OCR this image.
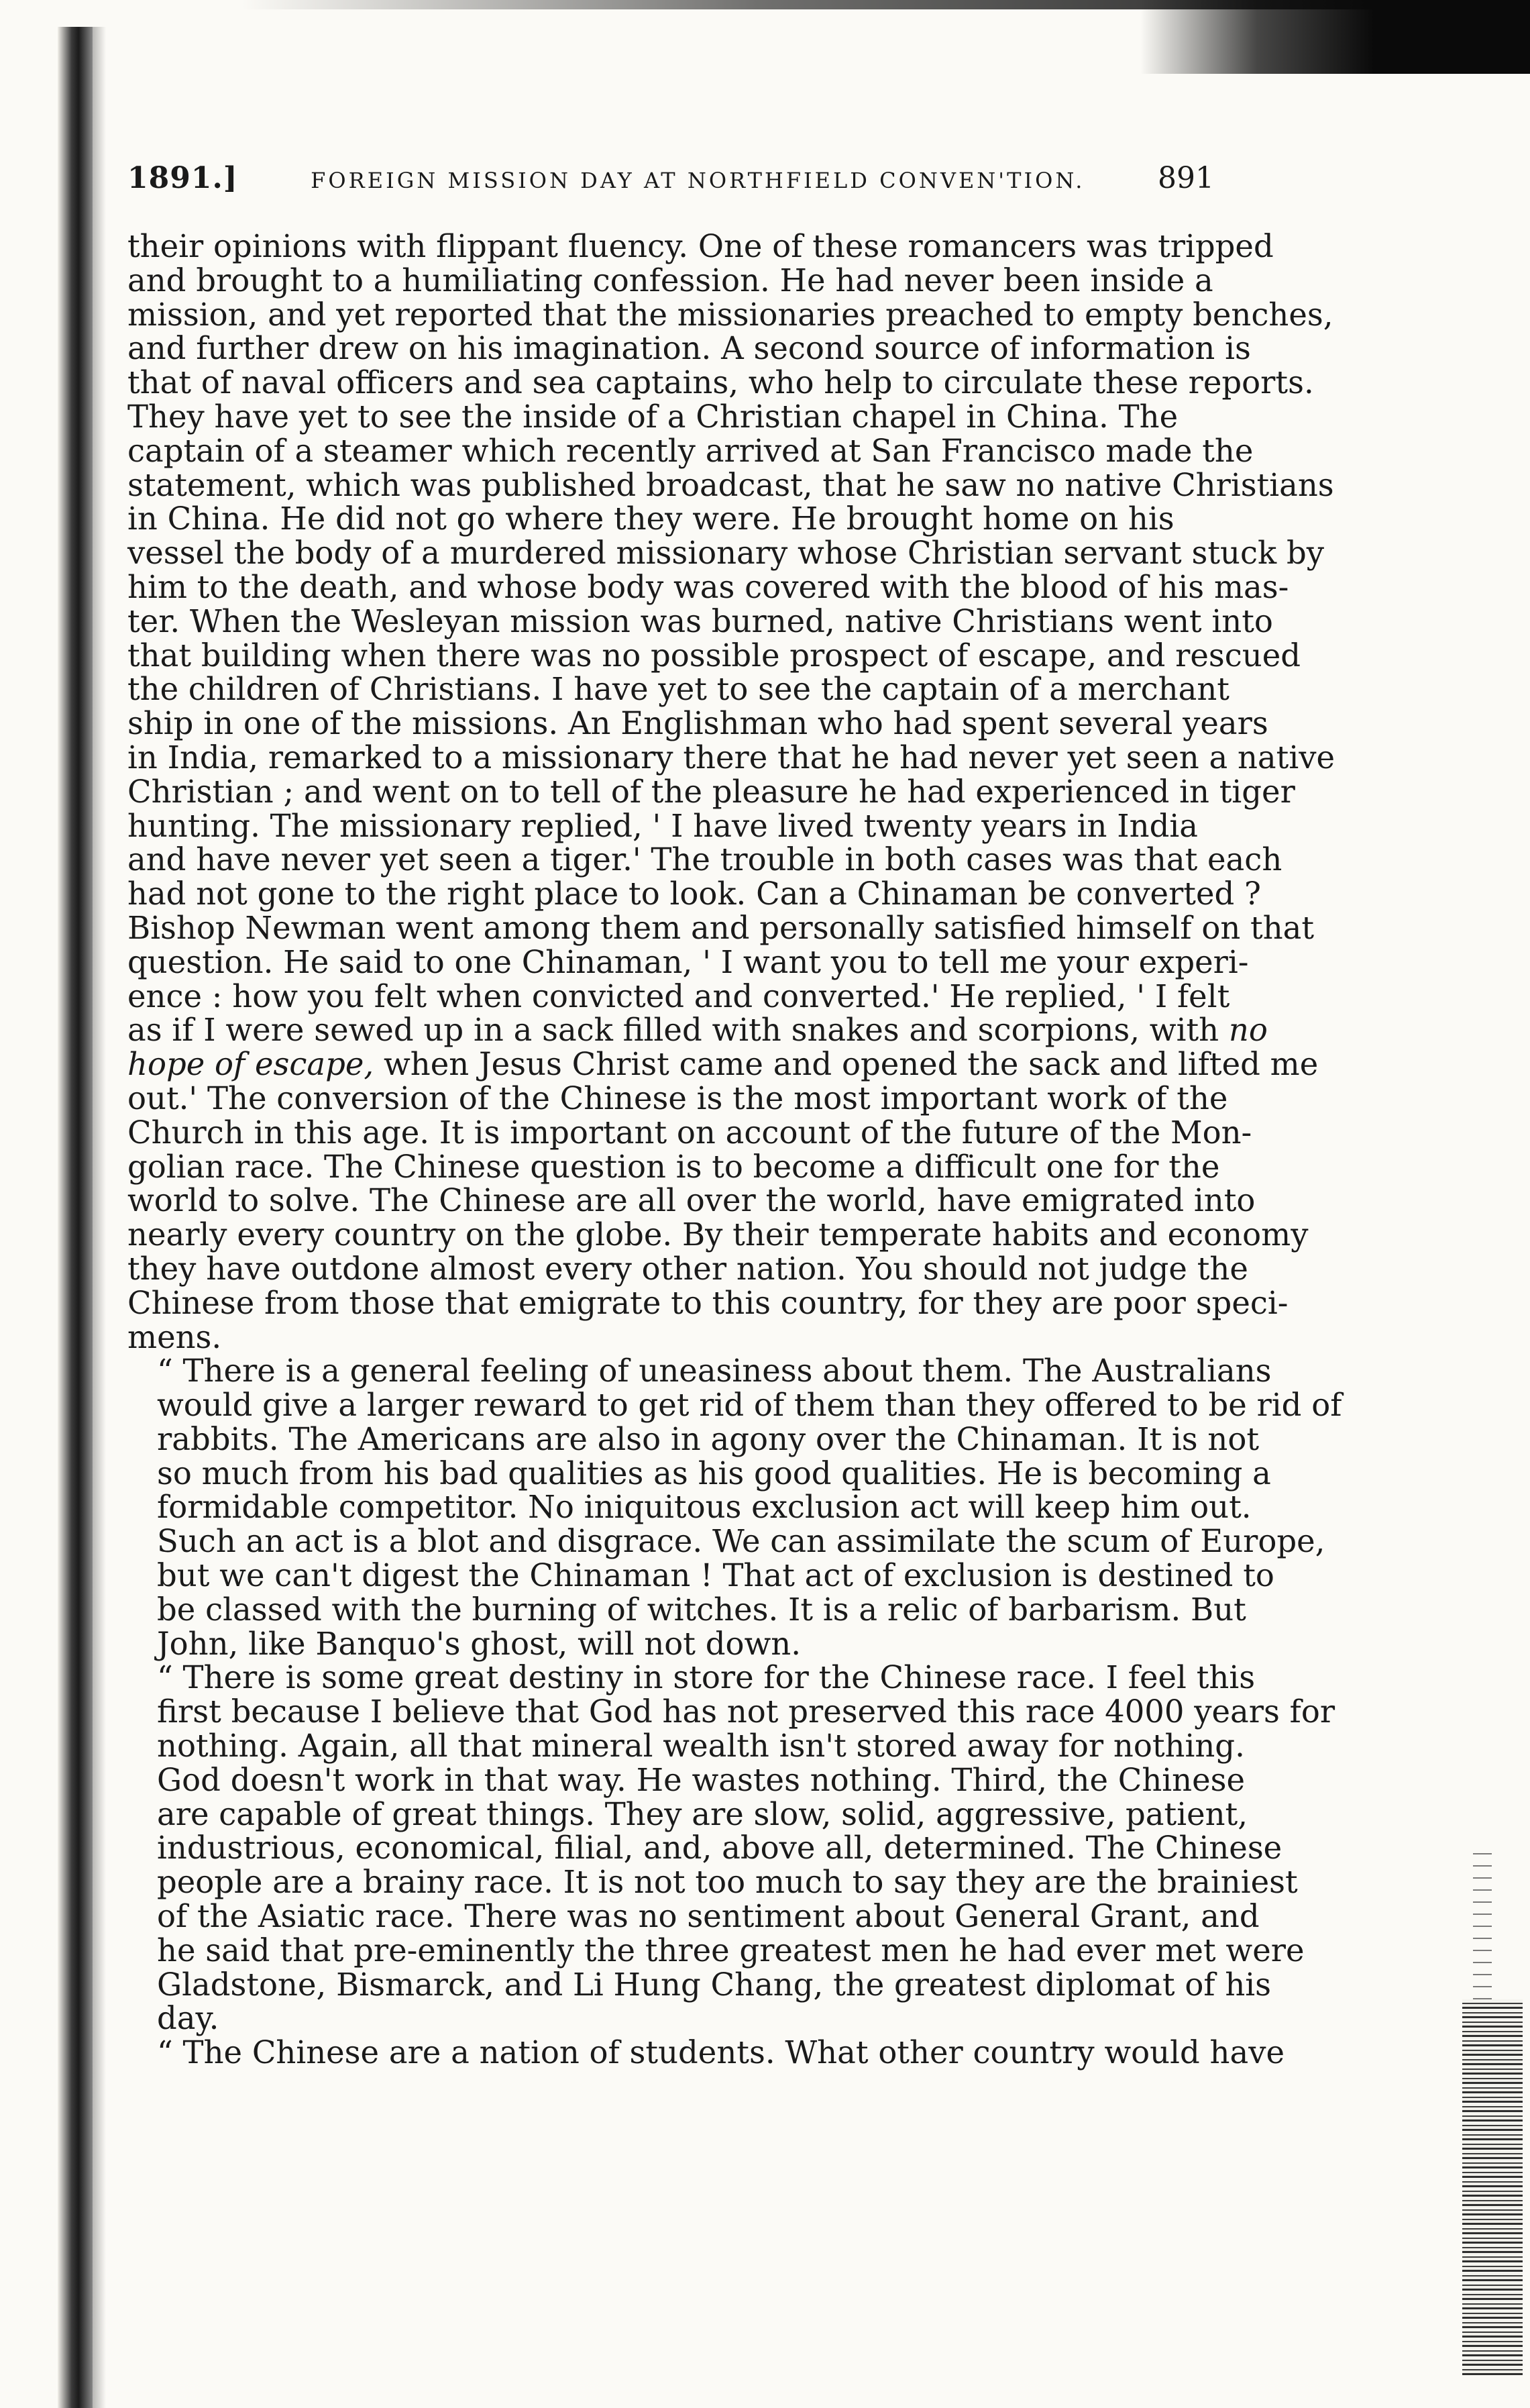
1891.]	FOREIGN MISSION DAY AT NORTHFIELD CONVEN'TION. 891

their opinions with flippant fluency. One of these romancers was tripped
and brought to a humiliating confession. He had never been inside a
mission, and yet reported that the missionaries preached to empty benches,
and further drew on his imagination. A second source of information is
that of naval officers and sea captains, who help to circulate these reports.
They have yet to see the inside of a Christian chapel in China. The
captain of a steamer which recently arrived at San Francisco made the
statement, which was published broadcast, that he saw no native Christians
in China. He did not go where they were. He brought home on his
vessel the body of a murdered missionary whose Christian servant stuck by
him to the death, and whose body was covered with the blood of his mas-
ter. When the Wesleyan mission was burned, native Christians went into
that building when there was no possible prospect of escape, and rescued
the children of Christians. I have yet to see the captain of a merchant
ship in one of the missions. An Englishman who had spent several years
in India, remarked to a missionary there that he had never yet seen a native
Christian ; and went on to tell of the pleasure he had experienced in tiger
hunting. The missionary replied, ' I have lived twenty years in India
and have never yet seen a tiger.' The trouble in both cases was that each
had not gone to the right place to look. Can a Chinaman be converted ?
Bishop Newman went among them and personally satisfied himself on that
question. He said to one Chinaman, ' I want you to tell me your experi-
ence : how you felt when convicted and converted.' He replied, ' I felt
as if I were sewed up in a sack filled with snakes and scorpions, with no
hope of escape, when Jesus Christ came and opened the sack and lifted me
out.' The conversion of the Chinese is the most important work of the
Church in this age. It is important on account of the future of the Mon-
golian race. The Chinese question is to become a difficult one for the
world to solve. The Chinese are all over the world, have emigrated into
nearly every country on the globe. By their temperate habits and economy
they have outdone almost every other nation. You should not judge the
Chinese from those that emigrate to this country, for they are poor speci-
mens.

“ There is a general feeling of uneasiness about them. The Australians
would give a larger reward to get rid of them than they offered to be rid of
rabbits. The Americans are also in agony over the Chinaman. It is not
so much from his bad qualities as his good qualities. He is becoming a
formidable competitor. No iniquitous exclusion act will keep him out.
Such an act is a blot and disgrace. We can assimilate the scum of Europe,
but we can't digest the Chinaman ! That act of exclusion is destined to
be classed with the burning of witches. It is a relic of barbarism. But
John, like Banquo's ghost, will not down.

“ There is some great destiny in store for the Chinese race. I feel this
first because I believe that God has not preserved this race 4000 years for
nothing. Again, all that mineral wealth isn't stored away for nothing.
God doesn't work in that way. He wastes nothing. Third, the Chinese
are capable of great things. They are slow, solid, aggressive, patient,
industrious, economical, filial, and, above all, determined. The Chinese
people are a brainy race. It is not too much to say they are the brainiest
of the Asiatic race. There was no sentiment about General Grant, and
he said that pre-eminently the three greatest men he had ever met were
Gladstone, Bismarck, and Li Hung Chang, the greatest diplomat of his
day.

“ The Chinese are a nation of students. What other country would have
